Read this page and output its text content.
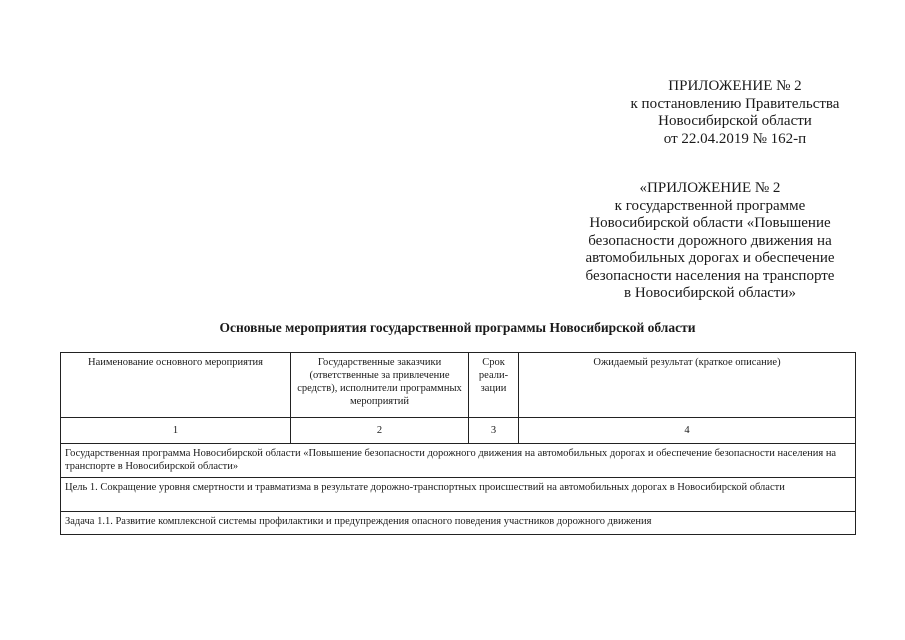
ПРИЛОЖЕНИЕ № 2
к постановлению Правительства
Новосибирской области
от 22.04.2019 № 162-п
«ПРИЛОЖЕНИЕ № 2
к государственной программе
Новосибирской области «Повышение
безопасности дорожного движения на
автомобильных дорогах и обеспечение
безопасности населения на транспорте
в Новосибирской области»
Основные мероприятия государственной программы Новосибирской области
Наименование основного мероприятия	Государственные заказчики (ответственные за привлечение средств), исполнители программных мероприятий	Срок реали-зации	Ожидаемый результат (краткое описание)
1	2	3	4
Государственная программа Новосибирской области «Повышение безопасности дорожного движения на автомобильных дорогах и обеспечение безопасности населения на транспорте в Новосибирской области»			
Цель 1. Сокращение уровня смертности и травматизма в результате дорожно-транспортных происшествий на автомобильных дорогах в Новосибирской области			
Задача 1.1. Развитие комплексной системы профилактики и предупреждения опасного поведения участников дорожного движения			
